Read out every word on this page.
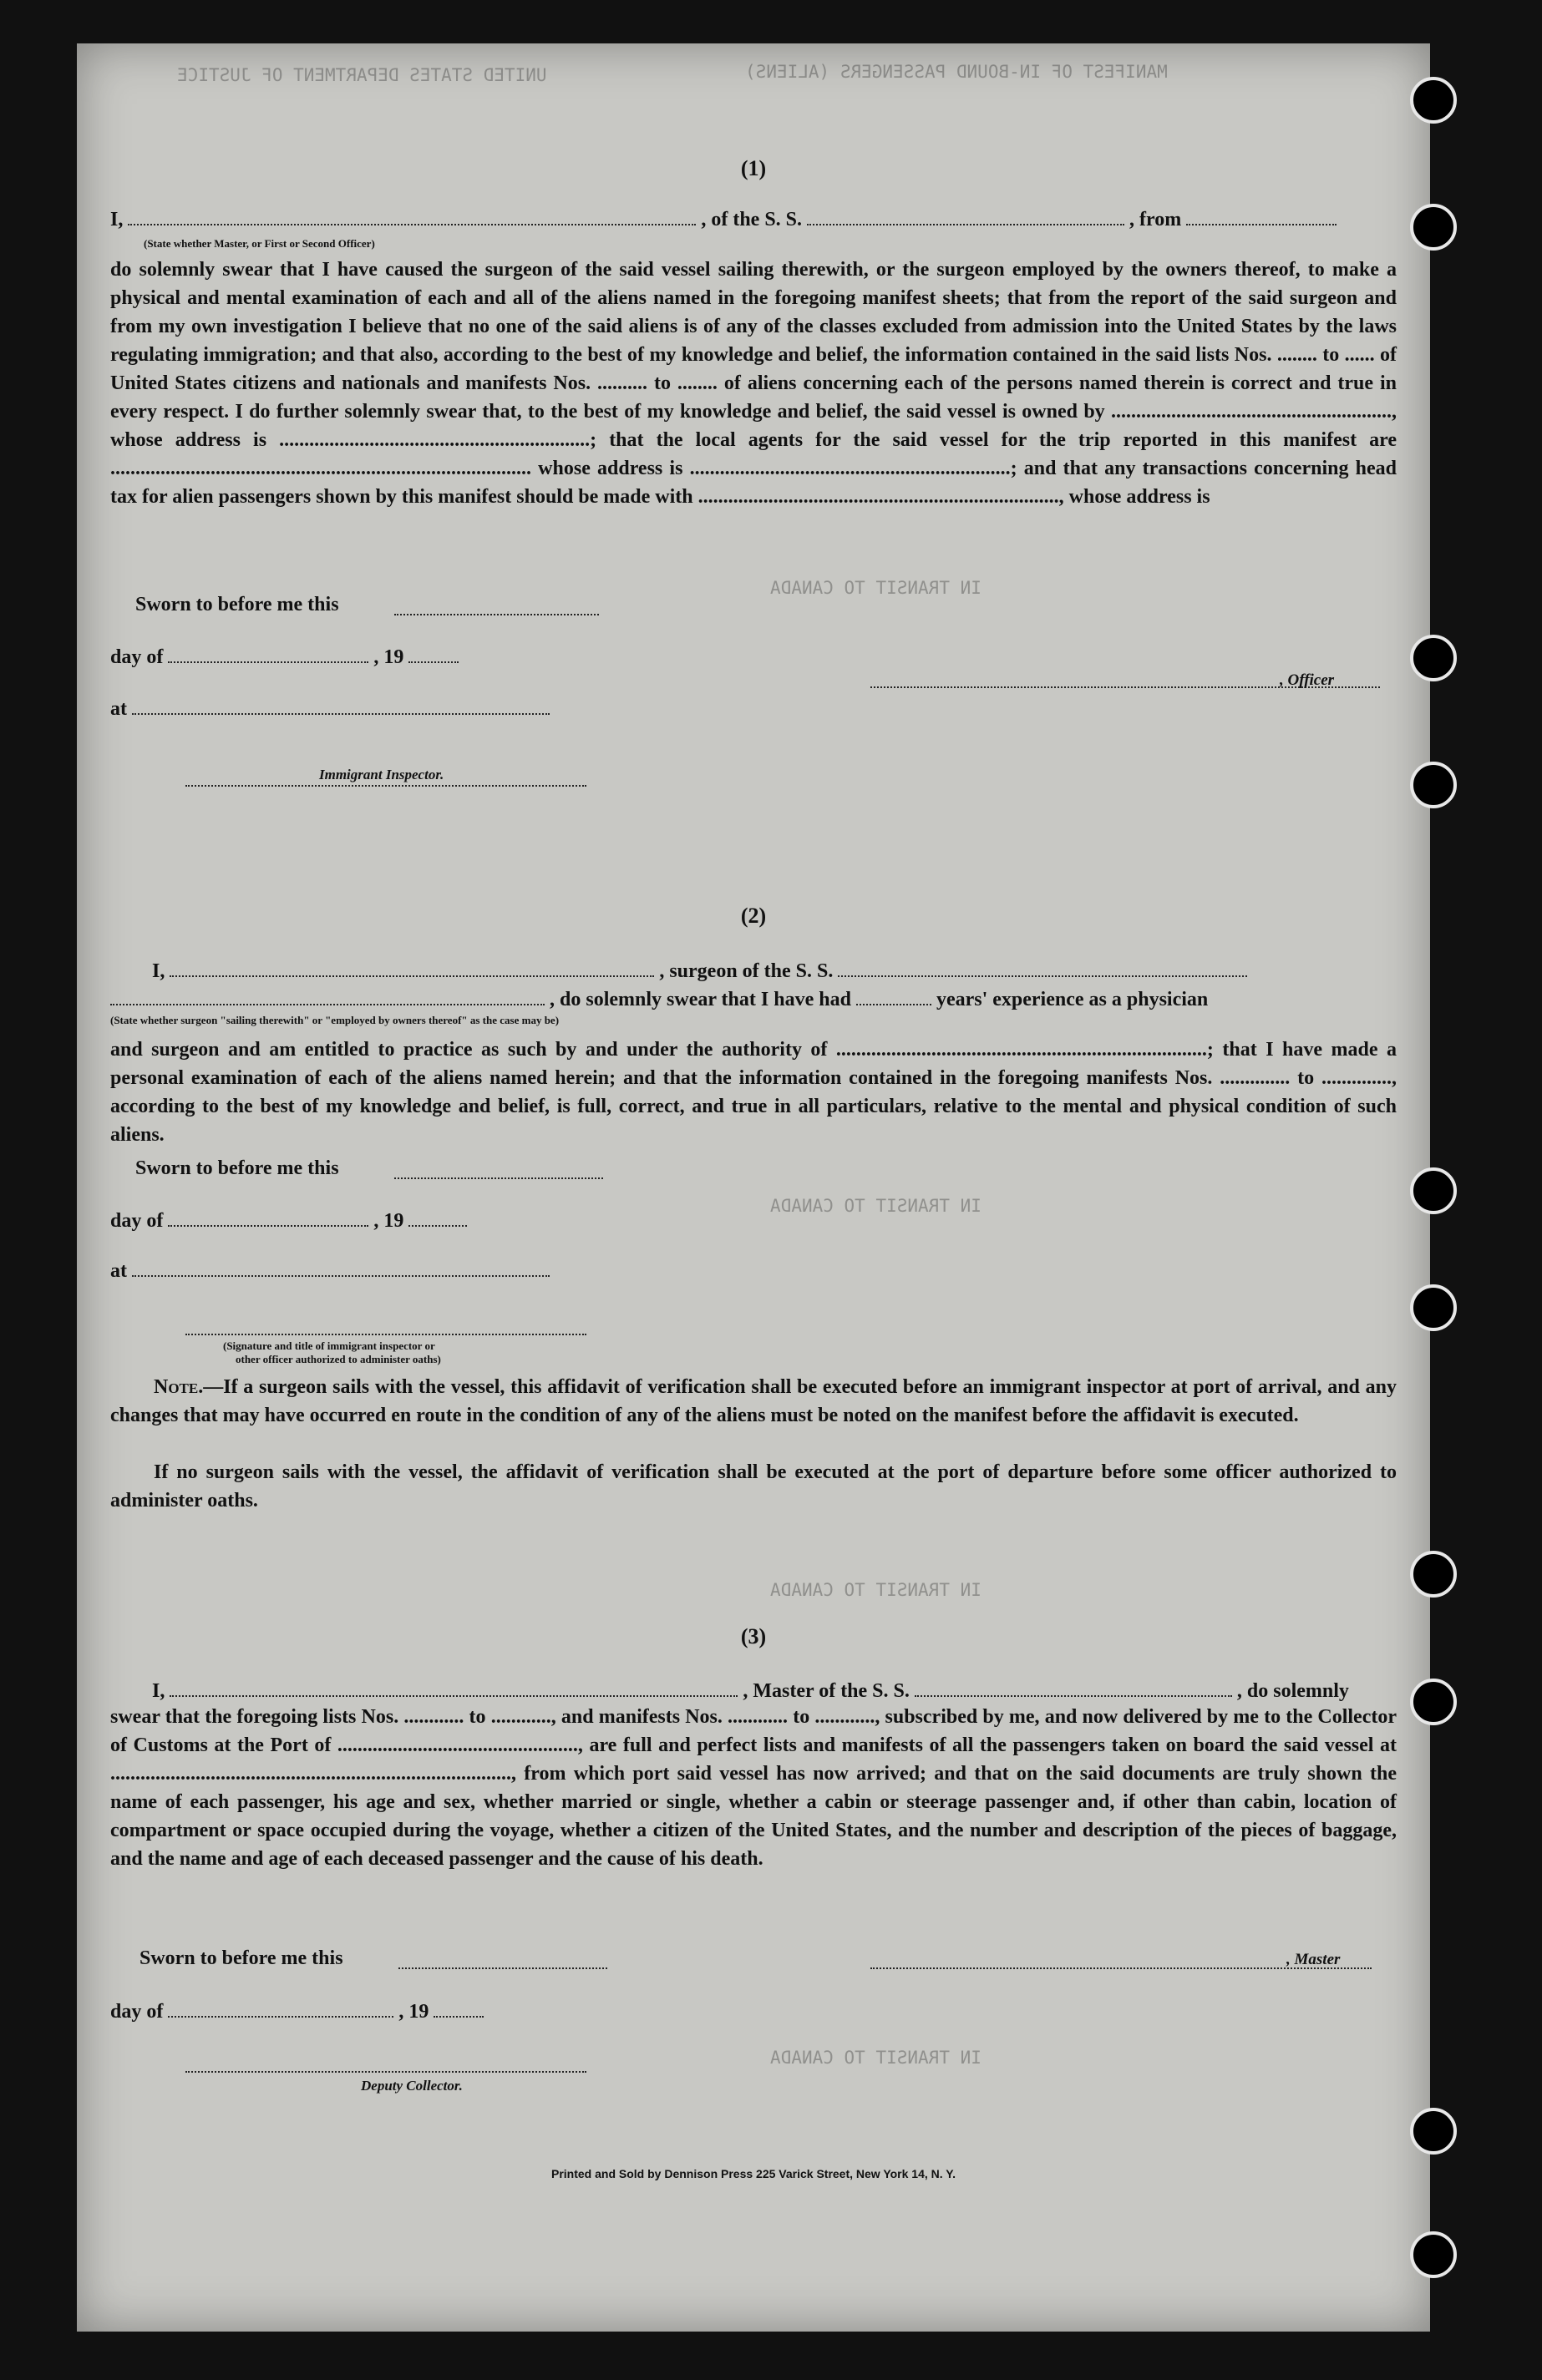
MANIFEST OF IN-BOUND PASSENGERS (ALIENS)
UNITED STATES DEPARTMENT OF JUSTICE
IN TRANSIT TO CANADA
IN TRANSIT TO CANADA
IN TRANSIT TO CANADA
IN TRANSIT TO CANADA
(1)
I,	, of the S. S.	, from
(State whether Master, or First or Second Officer)
do solemnly swear that I have caused the surgeon of the said vessel sailing therewith, or the surgeon employed by the owners thereof, to make a physical and mental examination of each and all of the aliens named in the foregoing manifest sheets; that from the report of the said surgeon and from my own investigation I believe that no one of the said aliens is of any of the classes excluded from admission into the United States by the laws regulating immigration; and that also, according to the best of my knowledge and belief, the information contained in the said lists Nos. ........ to ...... of United States citizens and nationals and manifests Nos. .......... to ........ of aliens concerning each of the persons named therein is correct and true in every respect. I do further solemnly swear that, to the best of my knowledge and belief, the said vessel is owned by ........................................................, whose address is ..............................................................; that the local agents for the said vessel for the trip reported in this manifest are .................................................................................... whose address is ................................................................; and that any transactions concerning head tax for alien passengers shown by this manifest should be made with ........................................................................, whose address is
Sworn to before me this
day of	, 19
at
, Officer
Immigrant Inspector.
(2)
I,	, surgeon of the S. S.
, do solemnly swear that I have had	years' experience as a physician
(State whether surgeon "sailing therewith" or "employed by owners thereof" as the case may be)
and surgeon and am entitled to practice as such by and under the authority of ..........................................................................; that I have made a personal examination of each of the aliens named herein; and that the information contained in the foregoing manifests Nos. .............. to .............., according to the best of my knowledge and belief, is full, correct, and true in all particulars, relative to the mental and physical condition of such aliens.
Sworn to before me this
day of	, 19
at
(Signature and title of immigrant inspector or
other officer authorized to administer oaths)
Note.—If a surgeon sails with the vessel, this affidavit of verification shall be executed before an immigrant inspector at port of arrival, and any changes that may have occurred en route in the condition of any of the aliens must be noted on the manifest before the affidavit is executed.
If no surgeon sails with the vessel, the affidavit of verification shall be executed at the port of departure before some officer authorized to administer oaths.
(3)
I,	, Master of the S. S.	, do solemnly
swear that the foregoing lists Nos. ............ to ............, and manifests Nos. ............ to ............, subscribed by me, and now delivered by me to the Collector of Customs at the Port of ................................................, are full and perfect lists and manifests of all the passengers taken on board the said vessel at ................................................................................, from which port said vessel has now arrived; and that on the said documents are truly shown the name of each passenger, his age and sex, whether married or single, whether a cabin or steerage passenger and, if other than cabin, location of compartment or space occupied during the voyage, whether a citizen of the United States, and the number and description of the pieces of baggage, and the name and age of each deceased passenger and the cause of his death.
Sworn to before me this	, Master
day of	, 19
Deputy Collector.
Printed and Sold by Dennison Press 225 Varick Street, New York 14, N. Y.
